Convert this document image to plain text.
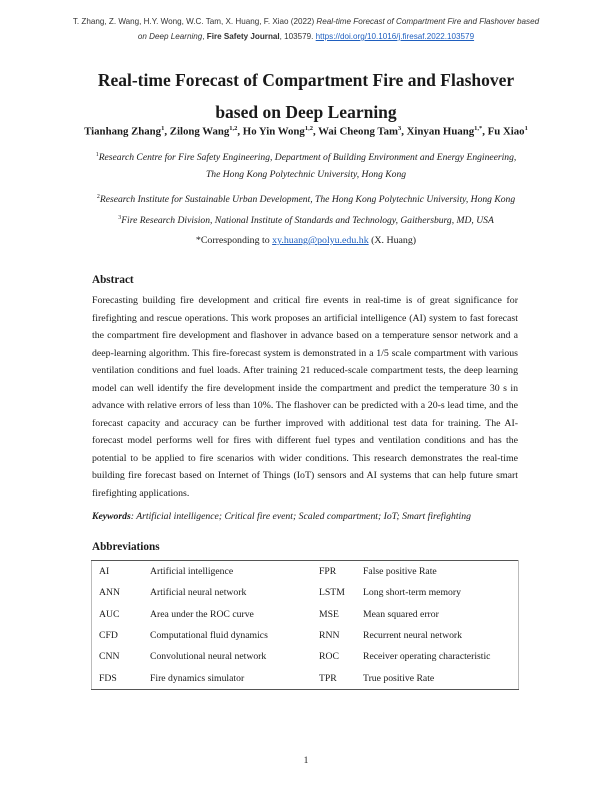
T. Zhang, Z. Wang, H.Y. Wong, W.C. Tam, X. Huang, F. Xiao (2022) Real-time Forecast of Compartment Fire and Flashover based on Deep Learning, Fire Safety Journal, 103579. https://doi.org/10.1016/j.firesaf.2022.103579
Real-time Forecast of Compartment Fire and Flashover
based on Deep Learning
Tianhang Zhang$^1$, Zilong Wang$^{1,2}$, Ho Yin Wong$^{1,2}$, Wai Cheong Tam$^3$, Xinyan Huang$^{1,*}$, Fu Xiao$^1$
$^1$Research Centre for Fire Safety Engineering, Department of Building Environment and Energy Engineering,
The Hong Kong Polytechnic University, Hong Kong
$^2$Research Institute for Sustainable Urban Development, The Hong Kong Polytechnic University, Hong Kong
$^3$Fire Research Division, National Institute of Standards and Technology, Gaithersburg, MD, USA
*Corresponding to xy.huang@polyu.edu.hk (X. Huang)
Abstract

Forecasting building fire development and critical fire events in real-time is of great significance for firefighting and rescue operations. This work proposes an artificial intelligence (AI) system to fast forecast the compartment fire development and flashover in advance based on a temperature sensor network and a deep-learning algorithm. This fire-forecast system is demonstrated in a 1/5 scale compartment with various ventilation conditions and fuel loads. After training 21 reduced-scale compartment tests, the deep learning model can well identify the fire development inside the compartment and predict the temperature 30 s in advance with relative errors of less than 10%. The flashover can be predicted with a 20-s lead time, and the forecast capacity and accuracy can be further improved with additional test data for training. The AI-forecast model performs well for fires with different fuel types and ventilation conditions and has the potential to be applied to fire scenarios with wider conditions. This research demonstrates the real-time building fire forecast based on Internet of Things (IoT) sensors and AI systems that can help future smart firefighting applications.

Keywords: Artificial intelligence; Critical fire event; Scaled compartment; IoT; Smart firefighting
Abbreviations
AI	Artificial intelligence	FPR	False positive Rate
ANN	Artificial neural network	LSTM	Long short-term memory
AUC	Area under the ROC curve	MSE	Mean squared error
CFD	Computational fluid dynamics	RNN	Recurrent neural network
CNN	Convolutional neural network	ROC	Receiver operating characteristic
FDS	Fire dynamics simulator	TPR	True positive Rate
1
